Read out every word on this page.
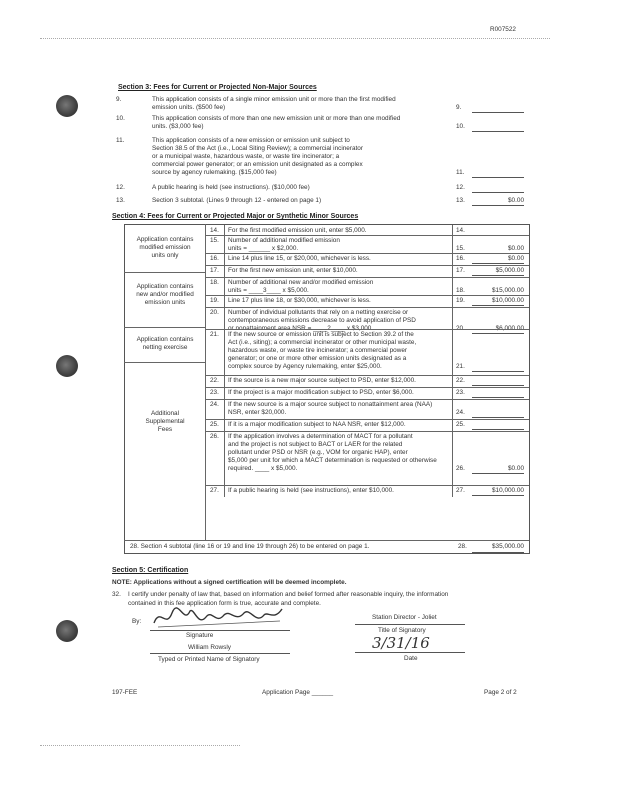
R007522
Section 3: Fees for Current or Projected Non-Major Sources
9.	This application consists of a single minor emission unit or more than the first modified
emission units. ($500 fee)	9.
10.	This application consists of more than one new emission unit or more than one modified
units. ($3,000 fee)	10.
11.	This application consists of a new emission or emission unit subject to
Section 38.5 of the Act (i.e., Local Siting Review); a commercial incinerator
or a municipal waste, hazardous waste, or waste tire incinerator; a
commercial power generator; or an emission unit designated as a complex
source by agency rulemaking. ($15,000 fee)	11.
12.	A public hearing is held (see instructions). ($10,000 fee)	12.
13.	Section 3 subtotal. (Lines 9 through 12 - entered on page 1)	13.	$0.00
Section 4: Fees for Current or Projected Major or Synthetic Minor Sources
Application contains
modified emission
units only
Application contains
new and/or modified
emission units
Application contains
netting exercise
Additional
Supplemental
Fees
14. For the first modified emission unit, enter $5,000.	14.
15. Number of additional modified emission
units = ______ x $2,000.	15.	$0.00
16. Line 14 plus line 15, or $20,000, whichever is less.	16.	$0.00
17. For the first new emission unit, enter $10,000.	17.	$5,000.00
18. Number of additional new and/or modified emission
units = ____3____ x $5,000.	18.	$15,000.00
19. Line 17 plus line 18, or $30,000, whichever is less.	19.	$10,000.00
20. Number of individual pollutants that rely on a netting exercise or
contemporaneous emissions decrease to avoid application of PSD
or nonattainment area NSR = ____2____ x $3,000.	20.	$6,000.00
21. If the new source or emission unit is subject to Section 39.2 of the
Act (i.e., siting); a commercial incinerator or other municipal waste,
hazardous waste, or waste tire incinerator; a commercial power
generator; or one or more other emission units designated as a
complex source by Agency rulemaking, enter $25,000.	21.
22. If the source is a new major source subject to PSD, enter $12,000.	22.
23. If the project is a major modification subject to PSD, enter $6,000.	23.
24. If the new source is a major source subject to nonattainment area (NAA)
NSR, enter $20,000.	24.
25. If it is a major modification subject to NAA NSR, enter $12,000.	25.
26. If the application involves a determination of MACT for a pollutant
and the project is not subject to BACT or LAER for the related
pollutant under PSD or NSR (e.g., VOM for organic HAP), enter
$5,000 per unit for which a MACT determination is requested or otherwise
required. ____ x $5,000.	26.	$0.00
27. If a public hearing is held (see instructions), enter $10,000.	27.	$10,000.00
28. Section 4 subtotal (line 16 or 19 and line 19 through 26) to be entered on page 1.	28.	$35,000.00
Section 5: Certification
NOTE: Applications without a signed certification will be deemed incomplete.
32. I certify under penalty of law that, based on information and belief formed after reasonable inquiry, the information
contained in this fee application form is true, accurate and complete.
By:
Signature
William Rowsly
Typed or Printed Name of Signatory
Station Director - Joliet
Title of Signatory
3/31/16
Date
197-FEE	Application Page ______	Page 2 of 2
